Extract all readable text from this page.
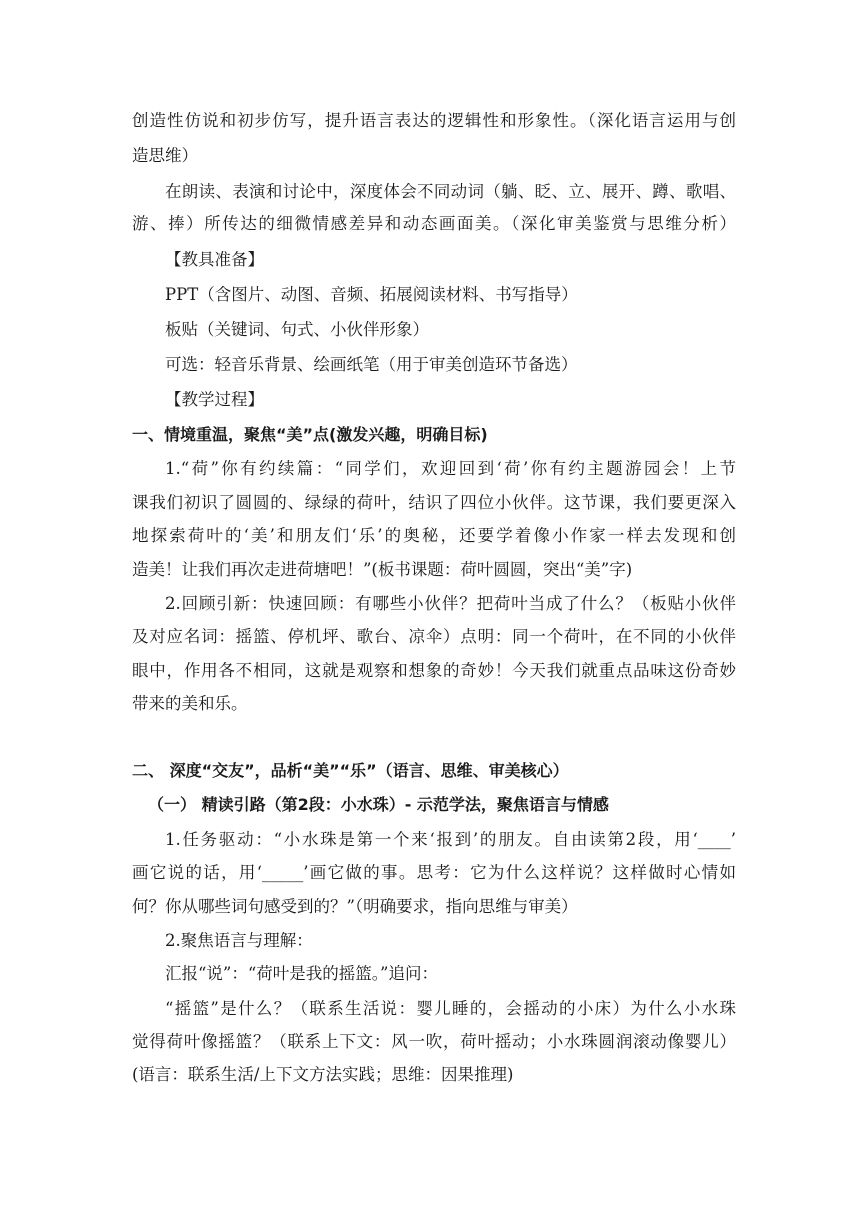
创造性仿说和初步仿写，提升语言表达的逻辑性和形象性。（深化语言运用与创
造思维）
在朗读、表演和讨论中，深度体会不同动词（躺、眨、立、展开、蹲、歌唱、
游、捧）所传达的细微情感差异和动态画面美。（深化审美鉴赏与思维分析）
【教具准备】
PPT（含图片、动图、音频、拓展阅读材料、书写指导）
板贴（关键词、句式、小伙伴形象）
可选：轻音乐背景、绘画纸笔（用于审美创造环节备选）
【教学过程】
一、情境重温，聚焦“美”点(激发兴趣，明确目标)
1.“荷”你有约续篇：“同学们，欢迎回到‘荷’你有约主题游园会！上节
课我们初识了圆圆的、绿绿的荷叶，结识了四位小伙伴。这节课，我们要更深入
地探索荷叶的‘美’和朋友们‘乐’的奥秘，还要学着像小作家一样去发现和创
造美！让我们再次走进荷塘吧！”(板书课题：荷叶圆圆，突出“美”字)
2.回顾引新：快速回顾：有哪些小伙伴？把荷叶当成了什么？（板贴小伙伴
及对应名词：摇篮、停机坪、歌台、凉伞）点明：同一个荷叶，在不同的小伙伴
眼中，作用各不相同，这就是观察和想象的奇妙！今天我们就重点品味这份奇妙
带来的美和乐。
二、 深度“交友”，品析“美”“乐”（语言、思维、审美核心）
（一） 精读引路（第2段：小水珠）- 示范学法，聚焦语言与情感
1.任务驱动：“小水珠是第一个来‘报到’的朋友。自由读第2段，用‘____’
画它说的话，用‘_____’画它做的事。思考：它为什么这样说？这样做时心情如
何？你从哪些词句感受到的？”（明确要求，指向思维与审美）
2.聚焦语言与理解：
汇报“说”：“荷叶是我的摇篮。”追问：
“摇篮”是什么？（联系生活说：婴儿睡的，会摇动的小床）为什么小水珠
觉得荷叶像摇篮？（联系上下文：风一吹，荷叶摇动；小水珠圆润滚动像婴儿）
(语言：联系生活/上下文方法实践；思维：因果推理)
